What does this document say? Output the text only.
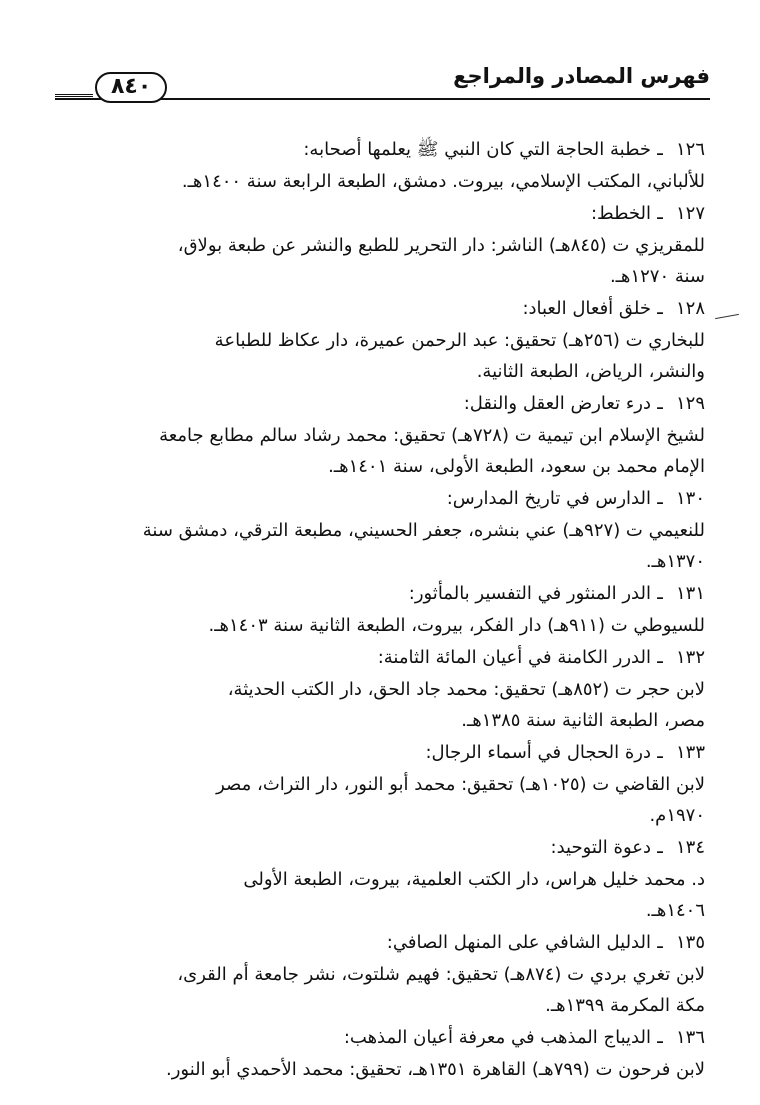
فهرس المصادر والمراجع
٨٤٠
١٢٦
ـ
خطبة الحاجة التي كان النبي ﷺ يعلمها أصحابه:
للألباني، المكتب الإسلامي، بيروت. دمشق، الطبعة الرابعة سنة ١٤٠٠هـ.
١٢٧
ـ
الخطط:
للمقريزي ت (٨٤٥هـ) الناشر: دار التحرير للطبع والنشر عن طبعة بولاق،
سنة ١٢٧٠هـ.
١٢٨
ـ
خلق أفعال العباد:
للبخاري ت (٢٥٦هـ) تحقيق: عبد الرحمن عميرة، دار عكاظ للطباعة
والنشر، الرياض، الطبعة الثانية.
١٢٩
ـ
درء تعارض العقل والنقل:
لشيخ الإسلام ابن تيمية ت (٧٢٨هـ) تحقيق: محمد رشاد سالم مطابع جامعة
الإمام محمد بن سعود، الطبعة الأولى، سنة ١٤٠١هـ.
١٣٠
ـ
الدارس في تاريخ المدارس:
للنعيمي ت (٩٢٧هـ) عني بنشره، جعفر الحسيني، مطبعة الترقي، دمشق سنة
١٣٧٠هـ.
١٣١
ـ
الدر المنثور في التفسير بالمأثور:
للسيوطي ت (٩١١هـ) دار الفكر، بيروت، الطبعة الثانية سنة ١٤٠٣هـ.
١٣٢
ـ
الدرر الكامنة في أعيان المائة الثامنة:
لابن حجر ت (٨٥٢هـ) تحقيق: محمد جاد الحق، دار الكتب الحديثة،
مصر، الطبعة الثانية سنة ١٣٨٥هـ.
١٣٣
ـ
درة الحجال في أسماء الرجال:
لابن القاضي ت (١٠٢٥هـ) تحقيق: محمد أبو النور، دار التراث، مصر
١٩٧٠م.
١٣٤
ـ
دعوة التوحيد:
د. محمد خليل هراس، دار الكتب العلمية، بيروت، الطبعة الأولى
١٤٠٦هـ.
١٣٥
ـ
الدليل الشافي على المنهل الصافي:
لابن تغري بردي ت (٨٧٤هـ) تحقيق: فهيم شلتوت، نشر جامعة أم القرى،
مكة المكرمة ١٣٩٩هـ.
١٣٦
ـ
الديباج المذهب في معرفة أعيان المذهب:
لابن فرحون ت (٧٩٩هـ) القاهرة ١٣٥١هـ، تحقيق: محمد الأحمدي أبو النور.
